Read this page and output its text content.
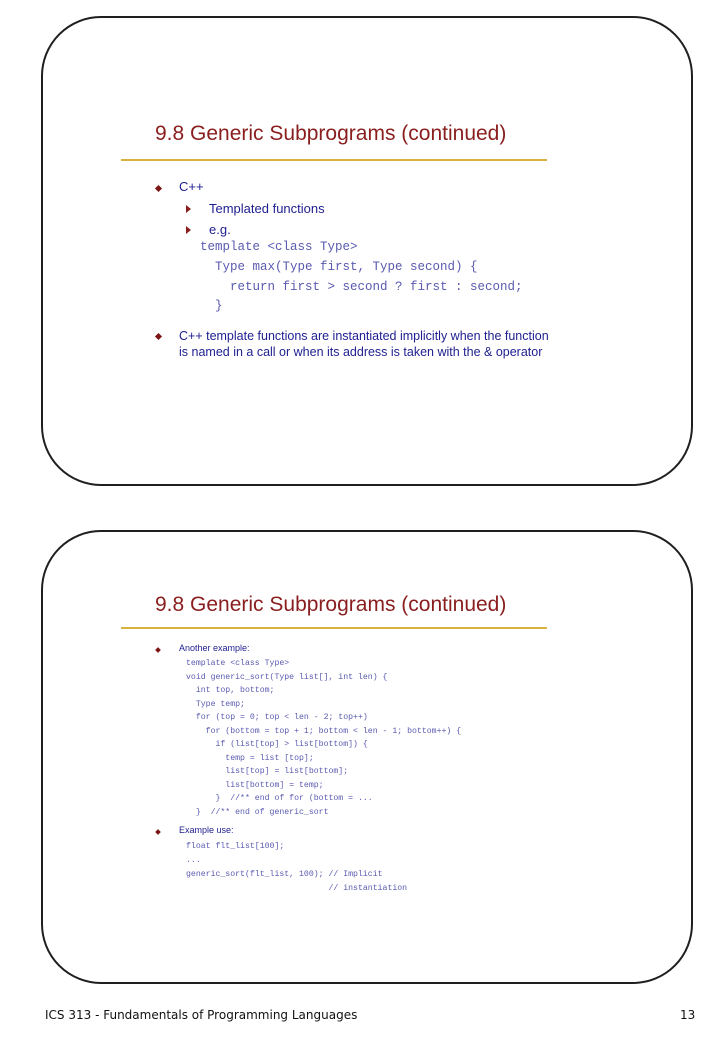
9.8 Generic Subprograms (continued)
C++
Templated functions
e.g.

template <class Type>

Type max(Type first, Type second) {

return first > second ? first : second;

}

C++ template functions are instantiated implicitly when the function
is named in a call or when its address is taken with the & operator
9.8 Generic Subprograms (continued)
Another example:

template <class Type>

void generic_sort(Type list[], int len) {

int top, bottom;

Type temp;

for (top = 0; top < len - 2; top++)

for (bottom = top + 1; bottom < len - 1; bottom++) {

if (list[top] > list[bottom]) {

temp = list [top];

list[top] = list[bottom];

list[bottom] = temp;

}  //** end of for (bottom = ...

}  //** end of generic_sort

Example use:

float flt_list[100];

...

generic_sort(flt_list, 100); // Implicit

// instantiation

ICS 313 - Fundamentals of Programming Languages	13
